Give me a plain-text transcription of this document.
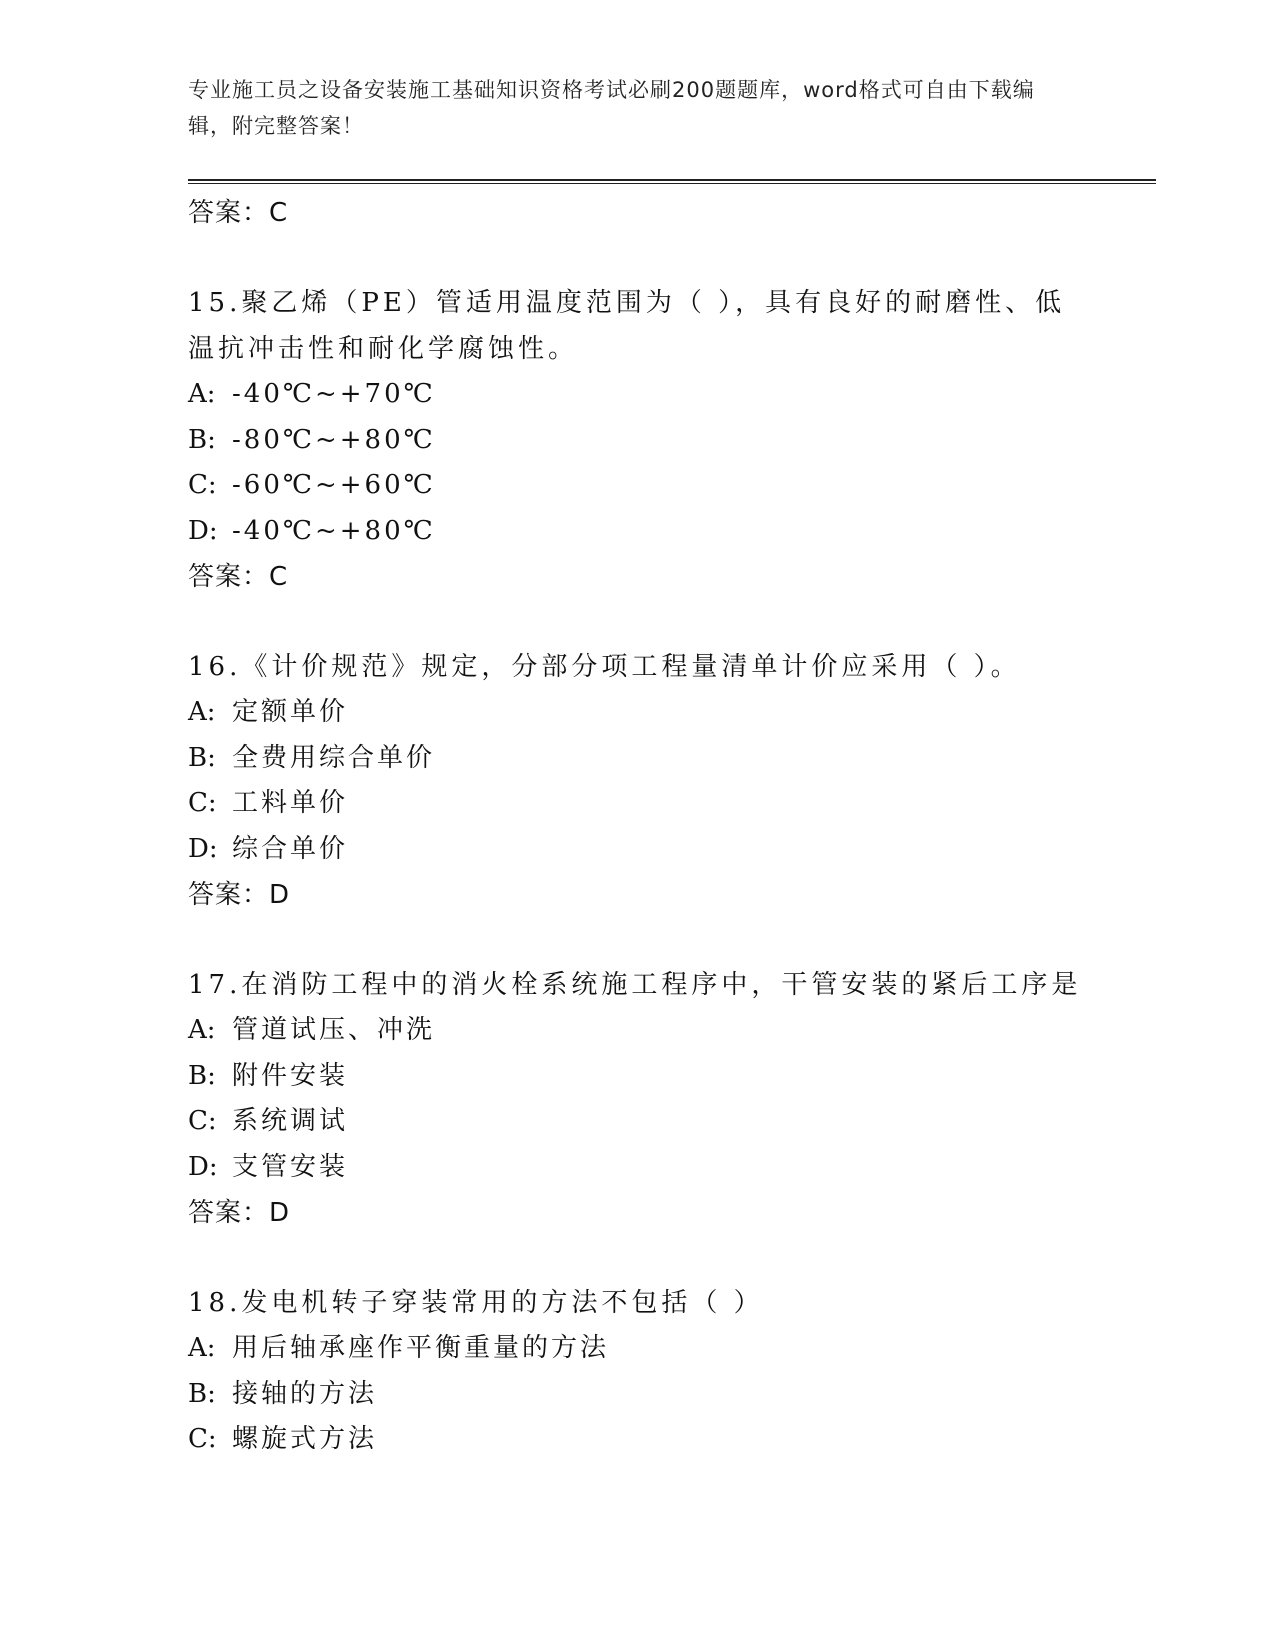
专业施工员之设备安装施工基础知识资格考试必刷200题题库，word格式可自由下载编辑，附完整答案！
答案：C
15.聚乙烯（PE）管适用温度范围为（ ），具有良好的耐磨性、低温抗冲击性和耐化学腐蚀性。
A: -40℃~+70℃
B: -80℃~+80℃
C: -60℃~+60℃
D: -40℃~+80℃
答案：C
16.《计价规范》规定，分部分项工程量清单计价应采用（ ）。
A: 定额单价
B: 全费用综合单价
C: 工料单价
D: 综合单价
答案：D
17.在消防工程中的消火栓系统施工程序中，干管安装的紧后工序是
A: 管道试压、冲洗
B: 附件安装
C: 系统调试
D: 支管安装
答案：D
18.发电机转子穿装常用的方法不包括（ ）
A: 用后轴承座作平衡重量的方法
B: 接轴的方法
C: 螺旋式方法
